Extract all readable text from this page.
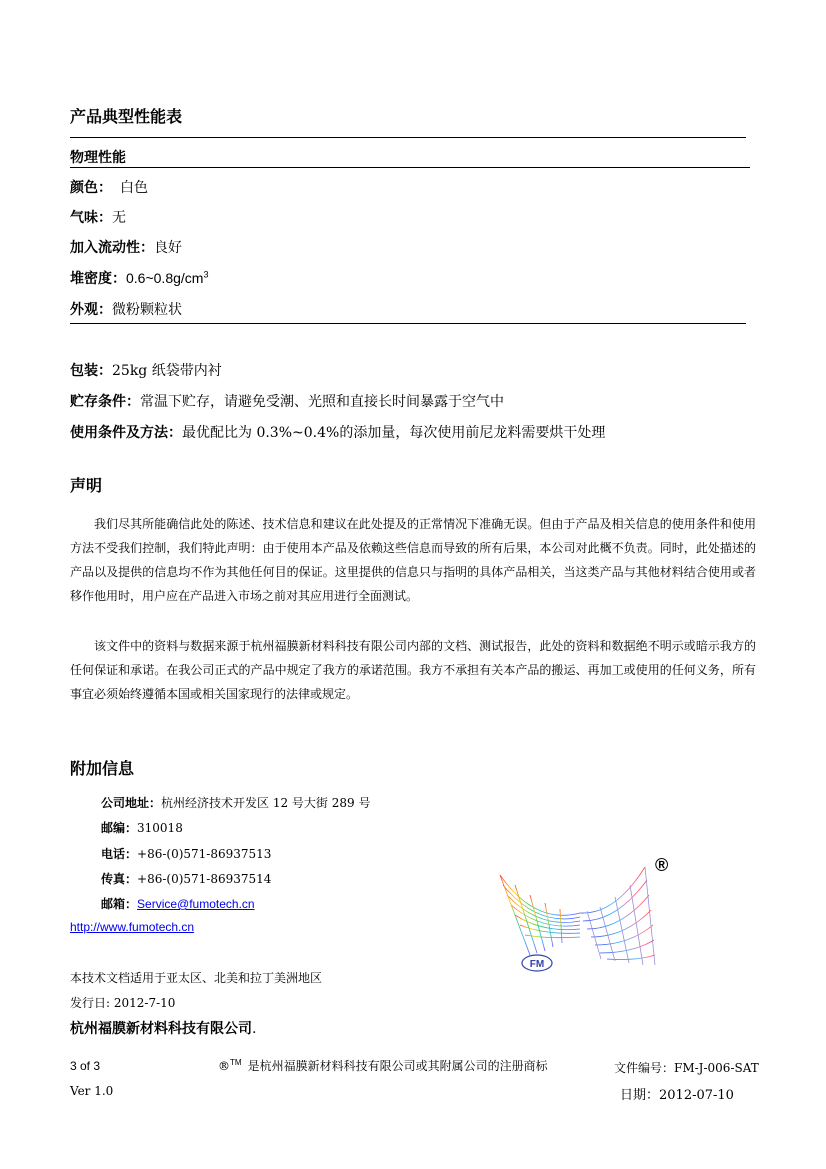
产品典型性能表
物理性能
颜色： 白色
气味：无
加入流动性：良好
堆密度：$0.6\sim 0.8g/cm^3$
外观：微粉颗粒状
包装：25kg 纸袋带内衬
贮存条件：常温下贮存，请避免受潮、光照和直接长时间暴露于空气中
使用条件及方法：最优配比为 0.3%~0.4%的添加量，每次使用前尼龙料需要烘干处理
声明
我们尽其所能确信此处的陈述、技术信息和建议在此处提及的正常情况下准确无误。但由于产品及相关信息的使用条件和使用方法不受我们控制，我们特此声明：由于使用本产品及依赖这些信息而导致的所有后果，本公司对此概不负责。同时，此处描述的产品以及提供的信息均不作为其他任何目的保证。这里提供的信息只与指明的具体产品相关，当这类产品与其他材料结合使用或者移作他用时，用户应在产品进入市场之前对其应用进行全面测试。
该文件中的资料与数据来源于杭州福膜新材料科技有限公司内部的文档、测试报告，此处的资料和数据绝不明示或暗示我方的任何保证和承诺。在我公司正式的产品中规定了我方的承诺范围。我方不承担有关本产品的搬运、再加工或使用的任何义务，所有事宜必须始终遵循本国或相关国家现行的法律或规定。
附加信息
公司地址：杭州经济技术开发区 12 号大街 289 号
邮编：310018
电话：+86-(0)571-86937513
传真：+86-(0)571-86937514
邮箱：Service@fumotech.cn
http://www.fumotech.cn
FM
®
本技术文档适用于亚太区、北美和拉丁美洲地区
发行日: 2012-7-10
杭州福膜新材料科技有限公司.
3 of 3	®™ 是杭州福膜新材料科技有限公司或其附属公司的注册商标	文件编号：FM-J-006-SAT
Ver 1.0	日期：2012-07-10
